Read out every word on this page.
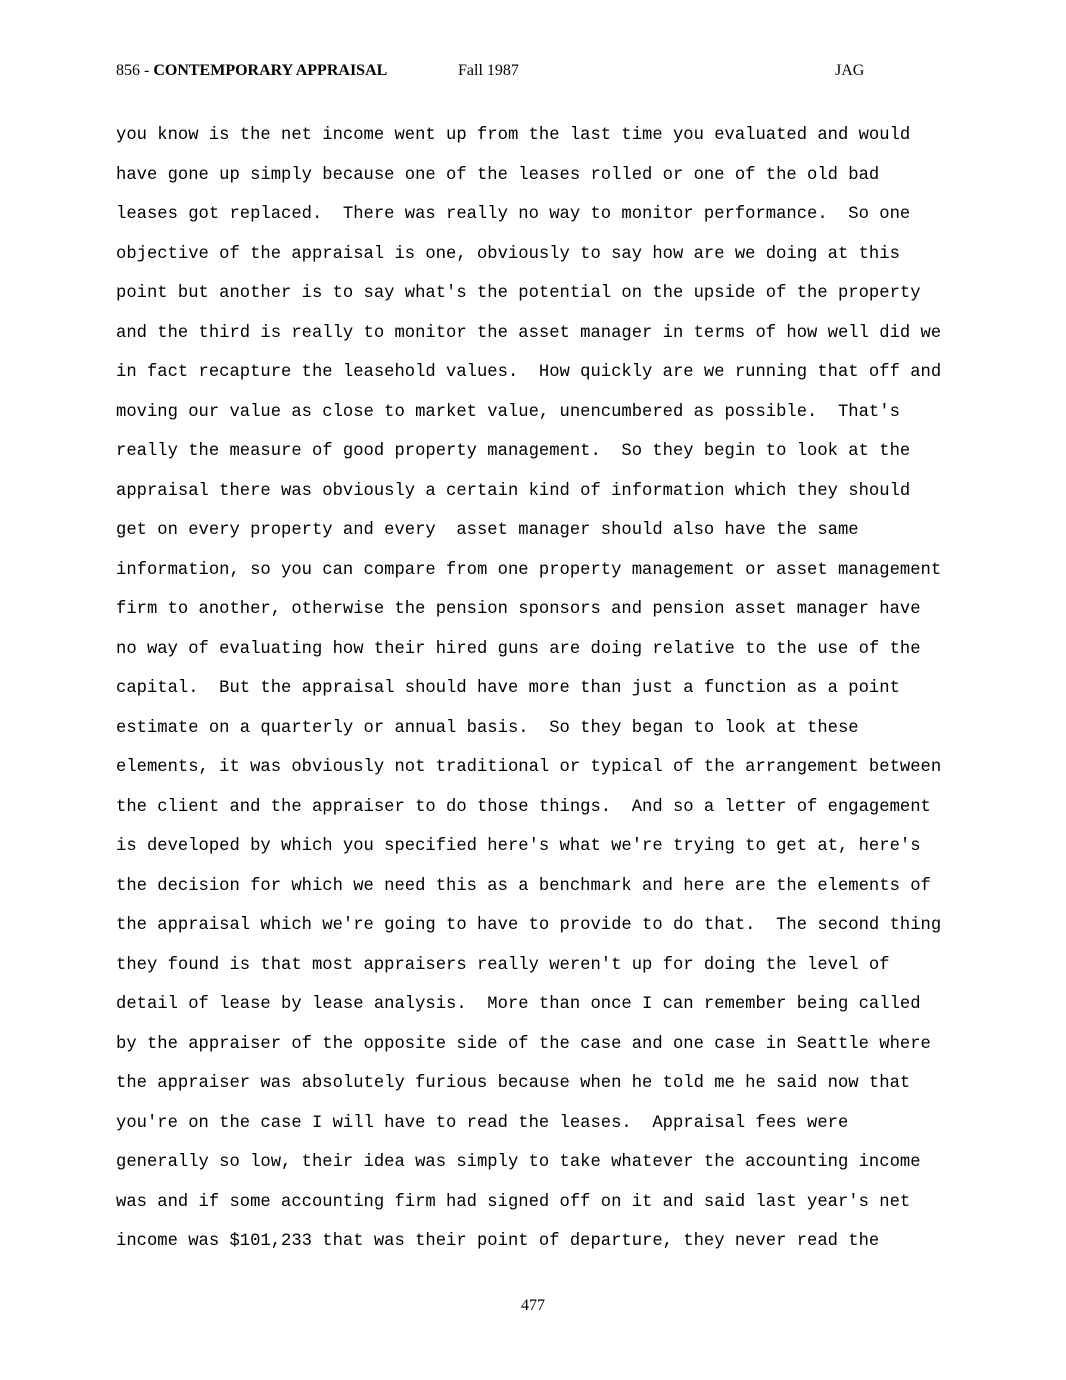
856 - CONTEMPORARY APPRAISAL	Fall 1987	JAG
you know is the net income went up from the last time you evaluated and would
have gone up simply because one of the leases rolled or one of the old bad
leases got replaced.  There was really no way to monitor performance.  So one
objective of the appraisal is one, obviously to say how are we doing at this
point but another is to say what's the potential on the upside of the property
and the third is really to monitor the asset manager in terms of how well did we
in fact recapture the leasehold values.  How quickly are we running that off and
moving our value as close to market value, unencumbered as possible.  That's
really the measure of good property management.  So they begin to look at the
appraisal there was obviously a certain kind of information which they should
get on every property and every  asset manager should also have the same
information, so you can compare from one property management or asset management
firm to another, otherwise the pension sponsors and pension asset manager have
no way of evaluating how their hired guns are doing relative to the use of the
capital.  But the appraisal should have more than just a function as a point
estimate on a quarterly or annual basis.  So they began to look at these
elements, it was obviously not traditional or typical of the arrangement between
the client and the appraiser to do those things.  And so a letter of engagement
is developed by which you specified here's what we're trying to get at, here's
the decision for which we need this as a benchmark and here are the elements of
the appraisal which we're going to have to provide to do that.  The second thing
they found is that most appraisers really weren't up for doing the level of
detail of lease by lease analysis.  More than once I can remember being called
by the appraiser of the opposite side of the case and one case in Seattle where
the appraiser was absolutely furious because when he told me he said now that
you're on the case I will have to read the leases.  Appraisal fees were
generally so low, their idea was simply to take whatever the accounting income
was and if some accounting firm had signed off on it and said last year's net
income was $101,233 that was their point of departure, they never read the
477
